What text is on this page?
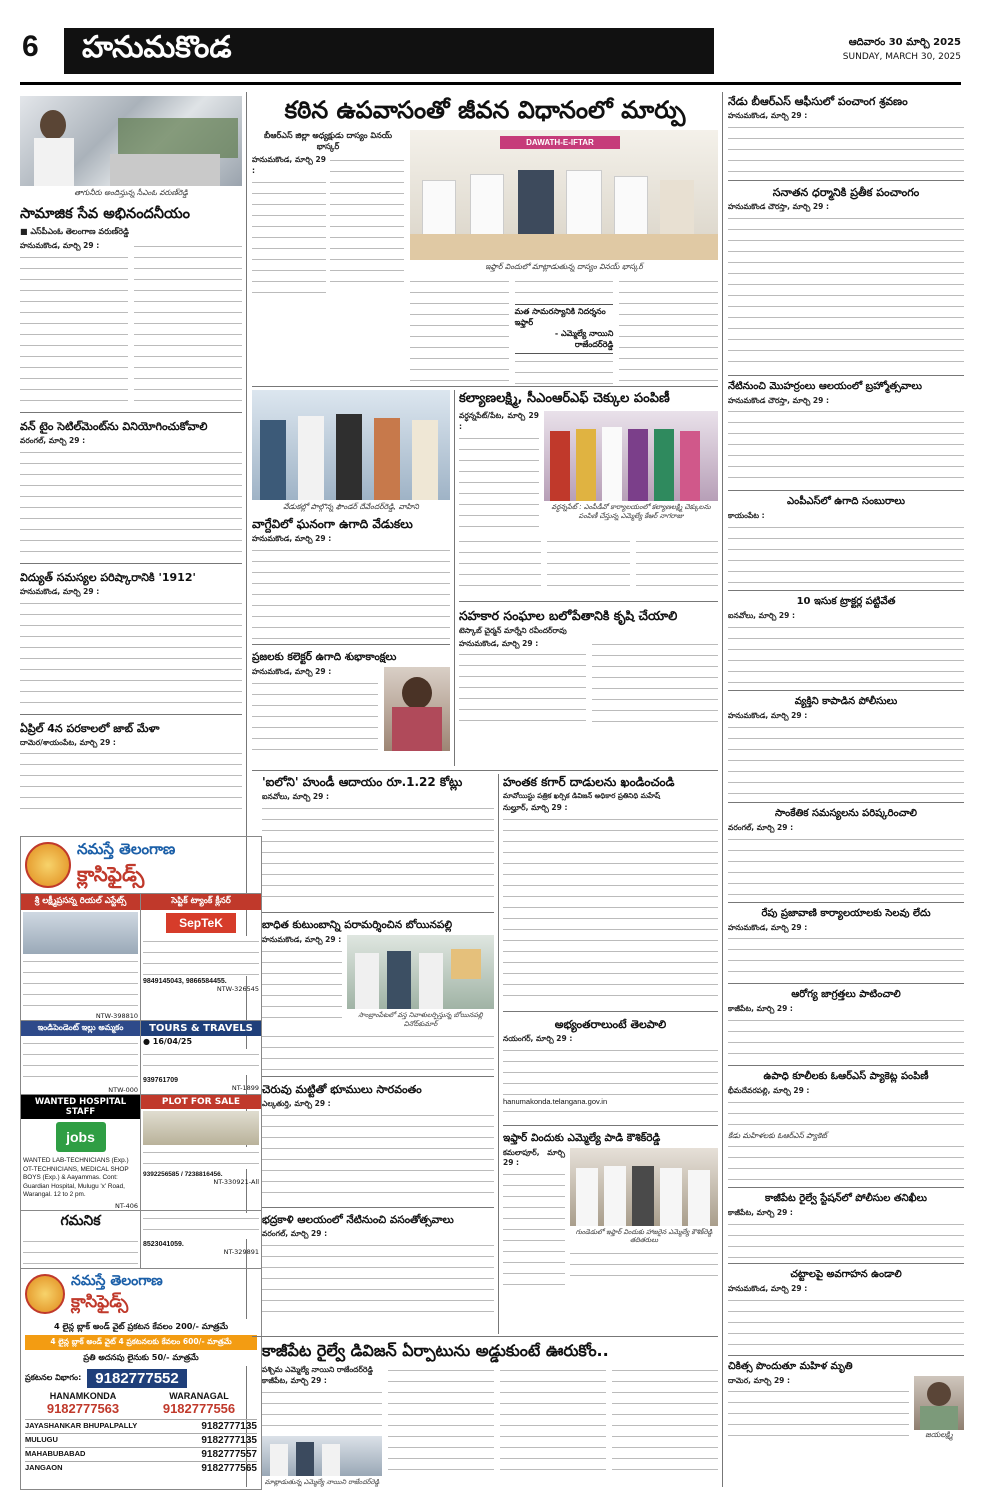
6	హనుమకొండ	ఆదివారం 30 మార్చి 2025
SUNDAY, MARCH 30, 2025
తాగునీరు అందిస్తున్న సీఎంఓ వరుణ్‌రెడ్డి
సామాజిక సేవ అభినందనీయం
■ ఎస్‌పీఎంఓ తెలంగాణ వరుణ్‌రెడ్డి
హనుమకొండ, మార్చి 29 :
వన్ టైం సెటిల్‌మెంట్‌ను వినియోగించుకోవాలి
వరంగల్, మార్చి 29 :
విద్యుత్ సమస్యల పరిష్కారానికి '1912'
హనుమకొండ, మార్చి 29 :
ఏప్రిల్ 4న పరకాలలో జాబ్ మేళా
దామెర/శాయంపేట, మార్చి 29 :
నమస్తే తెలంగాణ
క్లాసిఫైడ్స్
శ్రీ లక్ష్మీప్రసన్న రియల్ ఎస్టేట్స్
NTW-398810
సెప్టిక్ ట్యాంక్ క్లీనర్
SepTeK
9849145043, 9866584455.
NTW-326545
ఇండిపెండెంట్ ఇల్లు అమ్మకం
NTW-000
TOURS & TRAVELS
● 16/04/25
939761709
NT-1899
WANTED HOSPITAL STAFF
jobs
WANTED LAB-TECHNICIANS (Exp.) OT-TECHNICIANS, MEDICAL SHOP BOYS (Exp.) & Aayammas. Cont: Guardian Hospital, Mulugu 'x' Road, Warangal. 12 to 2 pm.
NT-406
PLOT FOR SALE
9392256585 / 7238816456.
NT-330921-All
గమనిక
8523041059.
NT-329891
నమస్తే తెలంగాణ
క్లాసిఫైడ్స్
4 లైన్ల బ్లాక్ అండ్ వైట్ ప్రకటన కేవలం 200/- మాత్రమే
4 లైన్ల బ్లాక్ అండ్ వైట్ 4 ప్రకటనలకు కేవలం 600/- మాత్రమే
ప్రతి అదనపు లైనుకు 50/- మాత్రమే
ప్రకటనల విభాగం: 9182777552
HANAMKONDA
9182777563
WARANAGAL
9182777556
JAYASHANKAR BHUPALPALLY	9182777135
MULUGU	9182777135
MAHABUBABAD	9182777557
JANGAON	9182777565
కఠిన ఉపవాసంతో జీవన విధానంలో మార్పు
బీఆర్ఎస్ జిల్లా అధ్యక్షుడు దాస్యం వినయ్ భాస్కర్
హనుమకొండ, మార్చి 29 :
DAWATH-E-IFTAR
ఇఫ్తార్ విందులో మాట్లాడుతున్న దాస్యం వినయ్ భాస్కర్
మత సామరస్యానికి నిదర్శనం ఇఫ్తార్
- ఎమ్మెల్యే నాయిని రాజేందర్‌రెడ్డి
వేడుకల్లో పాల్గొన్న ఫౌండర్ దేవేందర్‌రెడ్డి, వాహిని
వాగ్దేవిలో ఘనంగా ఉగాది వేడుకలు
హనుమకొండ, మార్చి 29 :
ప్రజలకు కలెక్టర్ ఉగాది శుభాకాంక్షలు
హనుమకొండ, మార్చి 29 :
కల్యాణలక్ష్మి, సీఎంఆర్ఎఫ్ చెక్కుల పంపిణీ
వర్ధన్నపేట్/పేట, మార్చి 29 :
వర్ధన్నపేట్ : ఎంపీడీవో కార్యాలయంలో కల్యాణలక్ష్మి చెక్కులను పంపిణీ చేస్తున్న ఎమ్మెల్యే కేఆర్ నాగరాజు
సహకార సంఘాల బలోపేతానికి కృషి చేయాలి
టెస్కాబ్ చైర్మన్ మార్నేని రవీందర్‌రావు
హనుమకొండ, మార్చి 29 :
'ఐలోని' హుండీ ఆదాయం రూ.1.22 కోట్లు
ఐనవోలు, మార్చి 29 :
బాధిత కుటుంబాన్ని పరామర్శించిన బోయినపల్లి
హనుమకొండ, మార్చి 29 :
సాంబ్రాంపేటలో వస్త నివాళులర్పిస్తున్న బోయినపల్లి వినోద్‌కుమార్
చెరువు మట్టితో భూములు సారవంతం
ఎల్కతుర్తి, మార్చి 29 :
భద్రకాళి ఆలయంలో నేటినుంచి వసంతోత్సవాలు
వరంగల్, మార్చి 29 :
హంతక కగార్ దాడులను ఖండించండి
మావోయిస్టు పత్రిక ఖర్సిక డివిజన్ అధికార ప్రతినిధి మహేష్
నుల్హూర్, మార్చి 29 :
అభ్యంతరాలుంటే తెలపాలి
నయంగర్, మార్చి 29 :
hanumakonda.telangana.gov.in
ఇఫ్తార్ విందుకు ఎమ్మెల్యే పాడి కౌశిక్‌రెడ్డి
కమలాపూర్, మార్చి 29 :
గుండెడులో ఇఫ్తార్ విందుకు హాజరైన ఎమ్మెల్యే కౌశిక్‌రెడ్డి తదితరులు
కాజీపేట రైల్వే డివిజన్ ఏర్పాటును అడ్డుకుంటే ఊరుకోం..
పశ్చిమ ఎమ్మెల్యే నాయిని రాజేందర్‌రెడ్డి
కాజీపేట, మార్చి 29 :
మాట్లాడుతున్న ఎమ్మెల్యే నాయిని రాజేందర్‌రెడ్డి
నేడు బీఆర్ఎస్ ఆఫీసులో పంచాంగ శ్రవణం
హనుమకొండ, మార్చి 29 :
సనాతన ధర్మానికి ప్రతీక పంచాంగం
హనుమకొండ చౌరస్తా, మార్చి 29 :
నేటినుంచి మొహర్రంలు ఆలయంలో బ్రహ్మోత్సవాలు
హనుమకొండ చౌరస్తా, మార్చి 29 :
ఎంపీఎస్‌లో ఉగాది సంబురాలు
కాయంపేట :
10 ఇసుక ట్రాక్టర్ల పట్టివేత
ఐనవోలు, మార్చి 29 :
వ్యక్తిని కాపాడిన పోలీసులు
హనుమకొండ, మార్చి 29 :
సాంకేతిక సమస్యలను పరిష్కరించాలి
వరంగల్, మార్చి 29 :
రేపు ప్రజావాణి కార్యాలయాలకు సెలవు లేదు
హనుమకొండ, మార్చి 29 :
ఆరోగ్య జాగ్రత్తలు పాటించాలి
కాజీపేట, మార్చి 29 :
ఉపాధి కూలీలకు ఓఆర్ఎస్ ప్యాకెట్ల పంపిణీ
భీమదేవరపల్లి, మార్చి 29 :
కేడు మహిళలకు ఓఆర్ఎస్ ప్యాకెట్
కాజీపేట రైల్వే స్టేషన్‌లో పోలీసుల తనిఖీలు
కాజీపేట, మార్చి 29 :
చట్టాలపై అవగాహన ఉండాలి
హనుమకొండ, మార్చి 29 :
చికిత్స పొందుతూ మహిళ మృతి
దామెర, మార్చి 29 :
జయలక్ష్మి
